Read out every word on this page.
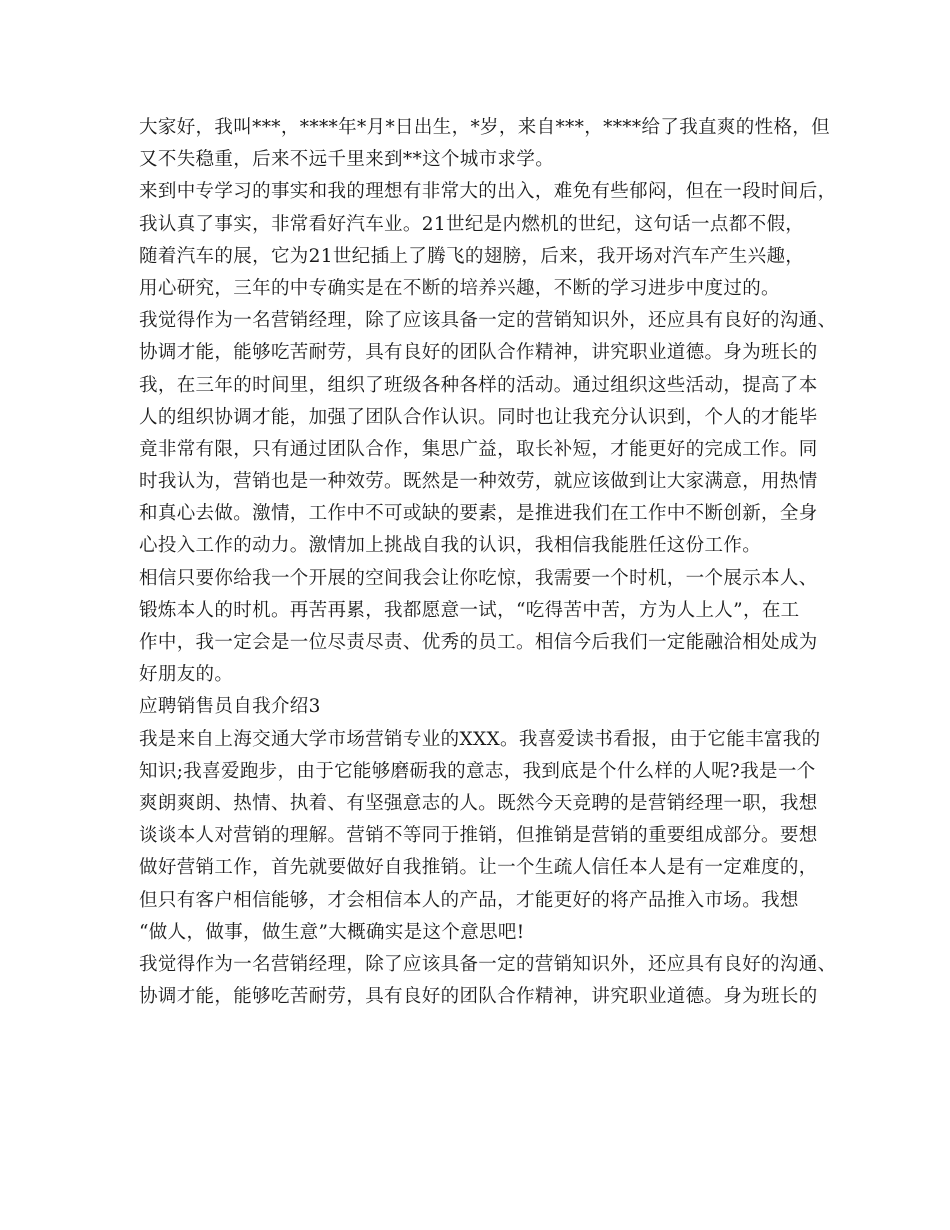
大家好，我叫***，****年*月*日出生，*岁，来自***，****给了我直爽的性格，但
又不失稳重，后来不远千里来到**这个城市求学。
来到中专学习的事实和我的理想有非常大的出入，难免有些郁闷，但在一段时间后，
我认真了事实，非常看好汽车业。21世纪是内燃机的世纪，这句话一点都不假，
随着汽车的展，它为21世纪插上了腾飞的翅膀，后来，我开场对汽车产生兴趣，
用心研究，三年的中专确实是在不断的培养兴趣，不断的学习进步中度过的。
我觉得作为一名营销经理，除了应该具备一定的营销知识外，还应具有良好的沟通、
协调才能，能够吃苦耐劳，具有良好的团队合作精神，讲究职业道德。身为班长的
我，在三年的时间里，组织了班级各种各样的活动。通过组织这些活动，提高了本
人的组织协调才能，加强了团队合作认识。同时也让我充分认识到，个人的才能毕
竟非常有限，只有通过团队合作，集思广益，取长补短，才能更好的完成工作。同
时我认为，营销也是一种效劳。既然是一种效劳，就应该做到让大家满意，用热情
和真心去做。激情，工作中不可或缺的要素，是推进我们在工作中不断创新，全身
心投入工作的动力。激情加上挑战自我的认识，我相信我能胜任这份工作。
相信只要你给我一个开展的空间我会让你吃惊，我需要一个时机，一个展示本人、
锻炼本人的时机。再苦再累，我都愿意一试，“吃得苦中苦，方为人上人”，在工
作中，我一定会是一位尽责尽责、优秀的员工。相信今后我们一定能融洽相处成为
好朋友的。
应聘销售员自我介绍3
我是来自上海交通大学市场营销专业的XXX。我喜爱读书看报，由于它能丰富我的
知识;我喜爱跑步，由于它能够磨砺我的意志，我到底是个什么样的人呢?我是一个
爽朗爽朗、热情、执着、有坚强意志的人。既然今天竞聘的是营销经理一职，我想
谈谈本人对营销的理解。营销不等同于推销，但推销是营销的重要组成部分。要想
做好营销工作，首先就要做好自我推销。让一个生疏人信任本人是有一定难度的，
但只有客户相信能够，才会相信本人的产品，才能更好的将产品推入市场。我想
“做人，做事，做生意”大概确实是这个意思吧!
我觉得作为一名营销经理，除了应该具备一定的营销知识外，还应具有良好的沟通、
协调才能，能够吃苦耐劳，具有良好的团队合作精神，讲究职业道德。身为班长的
